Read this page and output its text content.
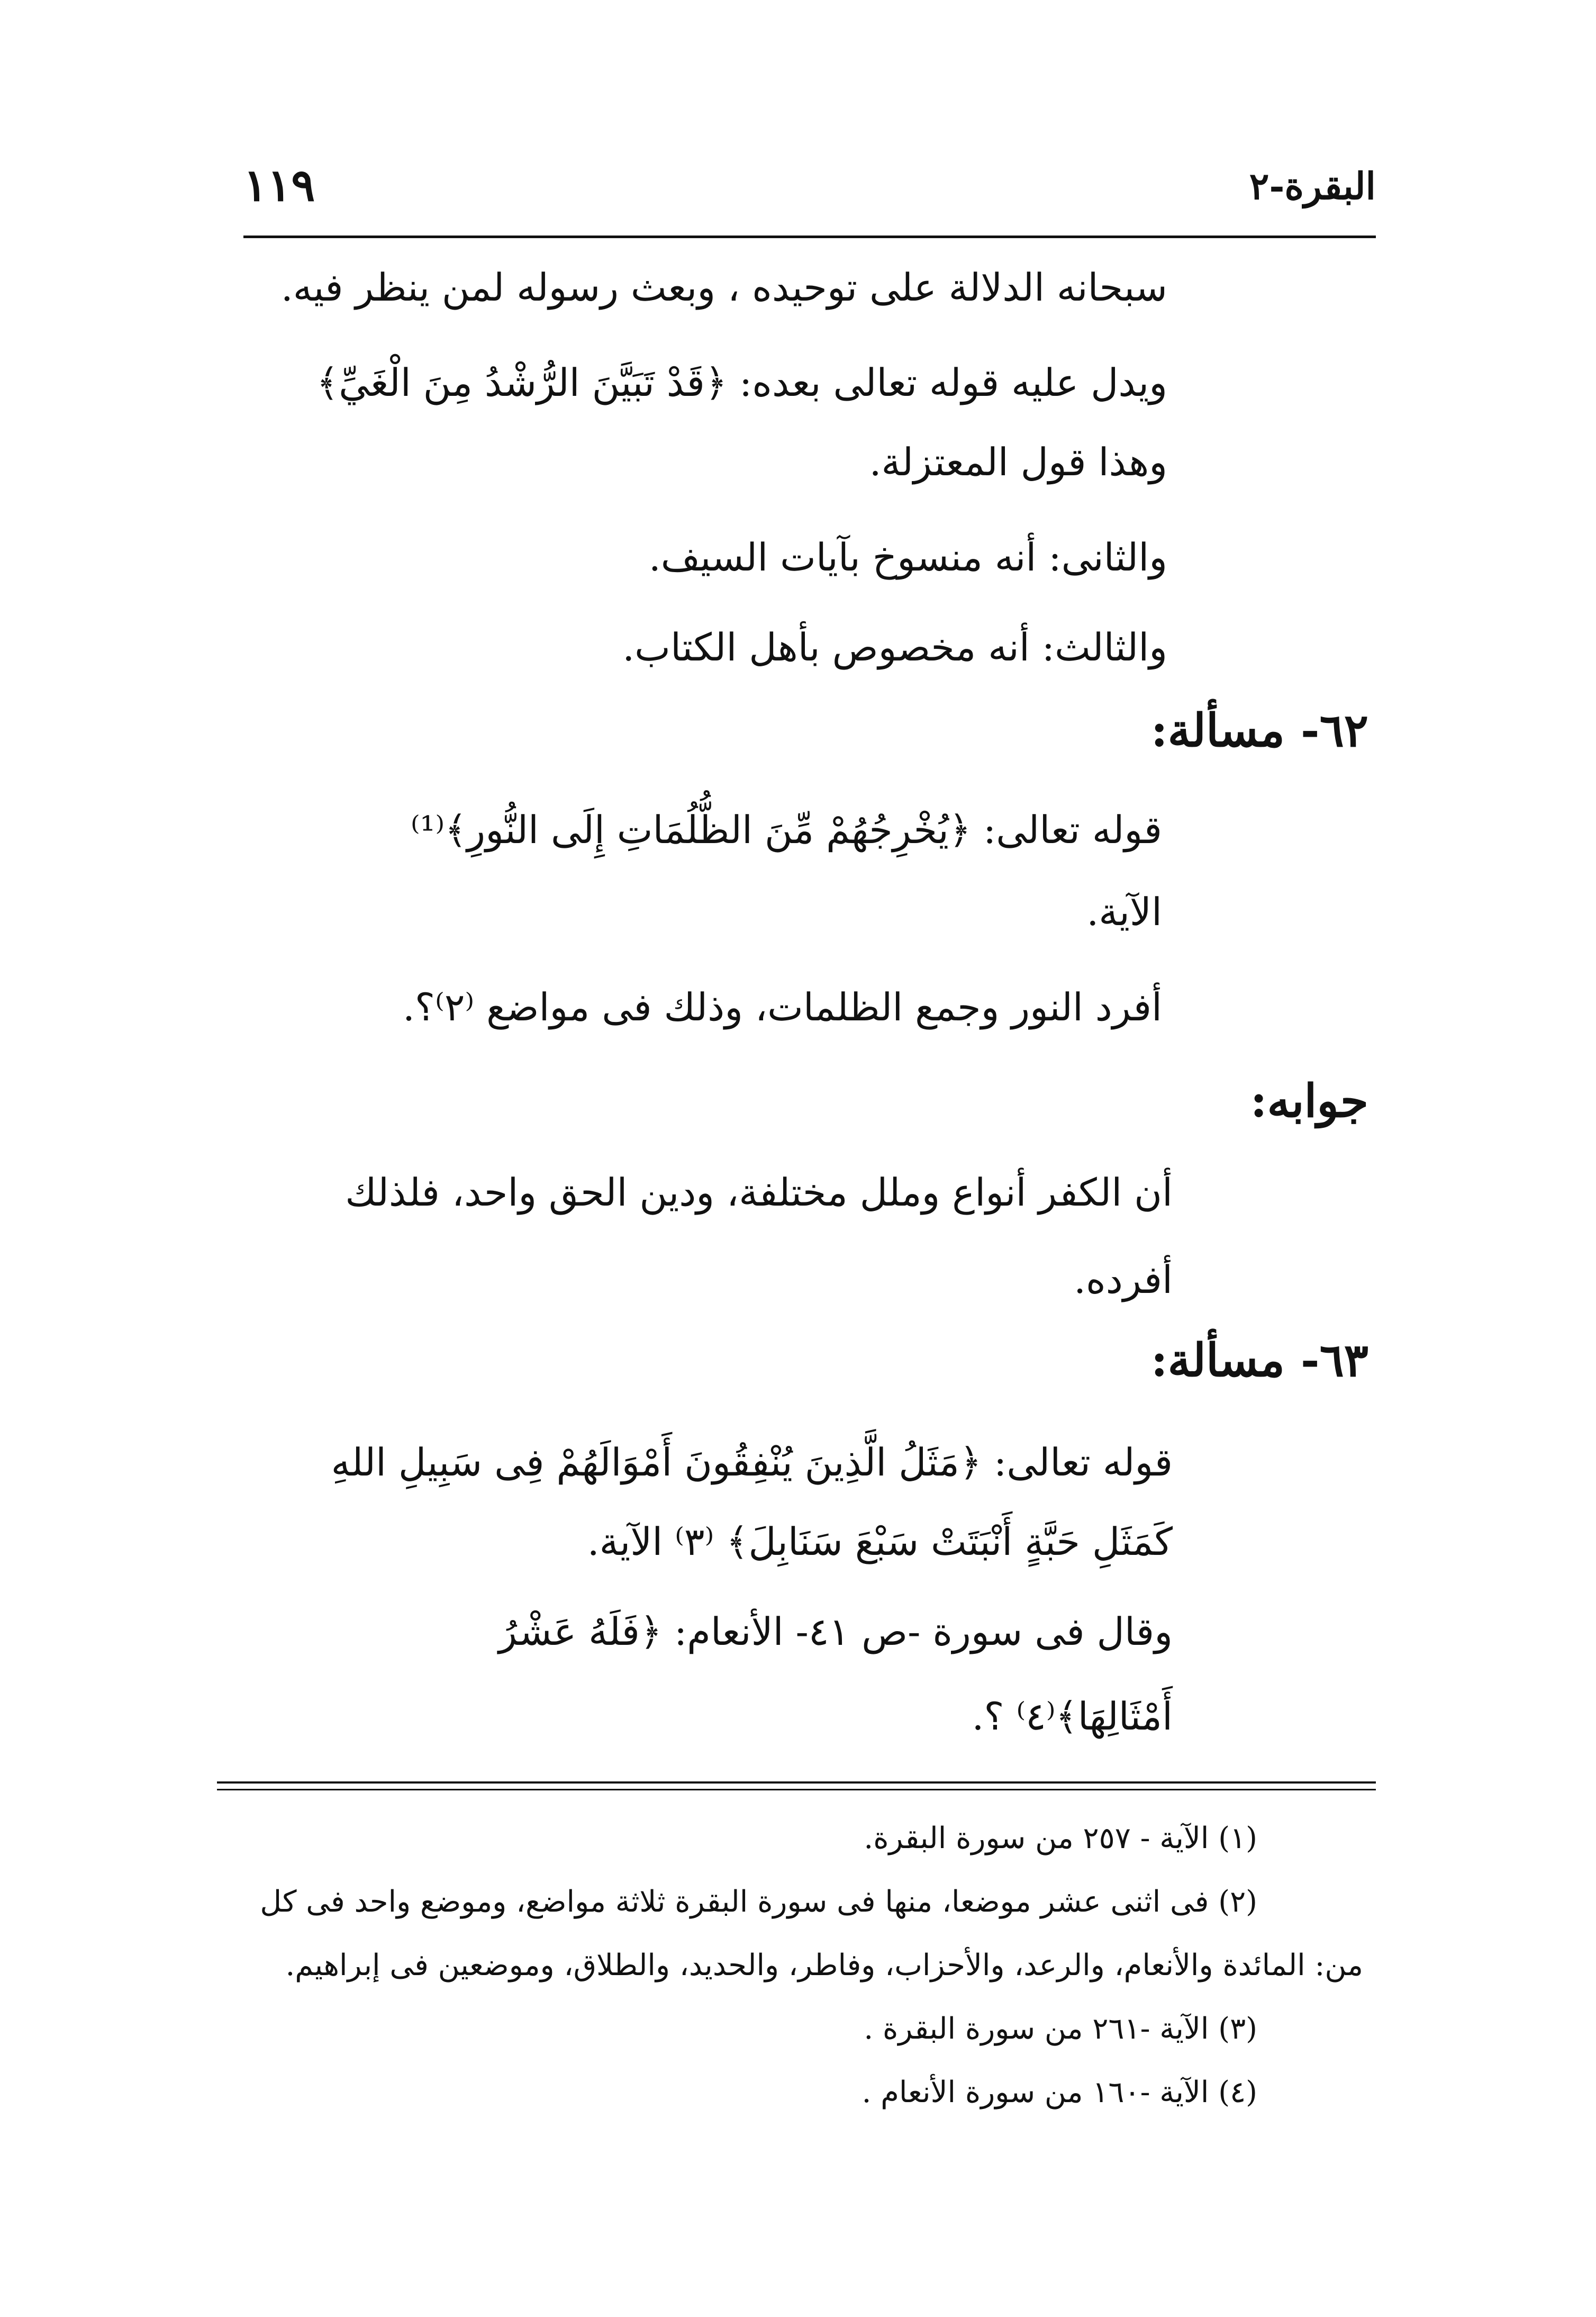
البقرة-٢
١١٩
سبحانه الدلالة على توحيده ، وبعث رسوله لمن ينظر فيه.
ويدل عليه قوله تعالى بعده: ﴿قَدْ تَبَيَّنَ الرُّشْدُ مِنَ الْغَيِّ﴾
وهذا قول المعتزلة.
والثانى: أنه منسوخ بآيات السيف.
والثالث: أنه مخصوص بأهل الكتاب.
٦٢- مسألة:
قوله تعالى: ﴿يُخْرِجُهُمْ مِّنَ الظُّلُمَاتِ إِلَى النُّورِ﴾⁽¹⁾
الآية.
أفرد النور وجمع الظلمات، وذلك فى مواضع ⁽٢⁾؟.
جوابه:
أن الكفر أنواع وملل مختلفة، ودين الحق واحد، فلذلك
أفرده.
٦٣- مسألة:
قوله تعالى: ﴿مَثَلُ الَّذِينَ يُنْفِقُونَ أَمْوَالَهُمْ فِى سَبِيلِ اللهِ
كَمَثَلِ حَبَّةٍ أَنْبَتَتْ سَبْعَ سَنَابِلَ﴾ ⁽٣⁾ الآية.
وقال فى سورة -ص ٤١- الأنعام: ﴿فَلَهُ عَشْرُ
أَمْثَالِهَا﴾⁽٤⁾ ؟.
(١) الآية - ٢٥٧ من سورة البقرة.
(٢) فى اثنى عشر موضعا، منها فى سورة البقرة ثلاثة مواضع، وموضع واحد فى كل
من: المائدة والأنعام، والرعد، والأحزاب، وفاطر، والحديد، والطلاق، وموضعين فى إبراهيم.
(٣) الآية -٢٦١ من سورة البقرة .
(٤) الآية -١٦٠ من سورة الأنعام .
